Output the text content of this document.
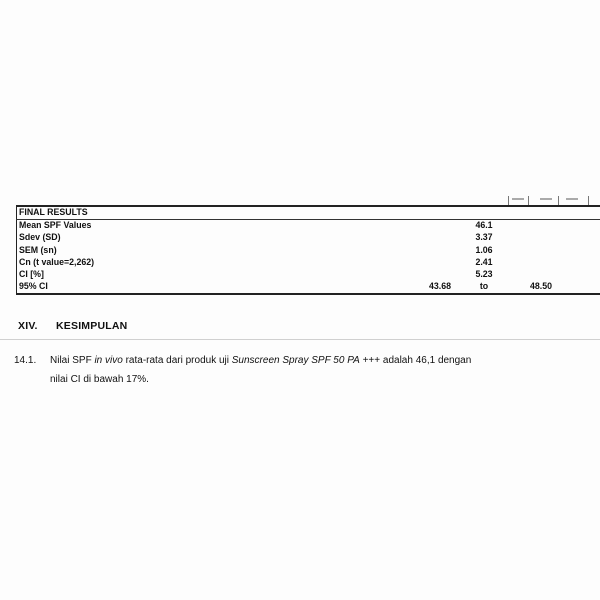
FINAL RESULTS			
Mean SPF Values		46.1	
Sdev (SD)		3.37	
SEM (sn)		1.06	
Cn (t value=2,262)		2.41	
CI [%]		5.23	
95% CI	43.68	to	48.50
XIV. KESIMPULAN
14.1.	Nilai SPF in vivo rata-rata dari produk uji Sunscreen Spray SPF 50 PA +++ adalah 46,1 dengan
nilai CI di bawah 17%.
